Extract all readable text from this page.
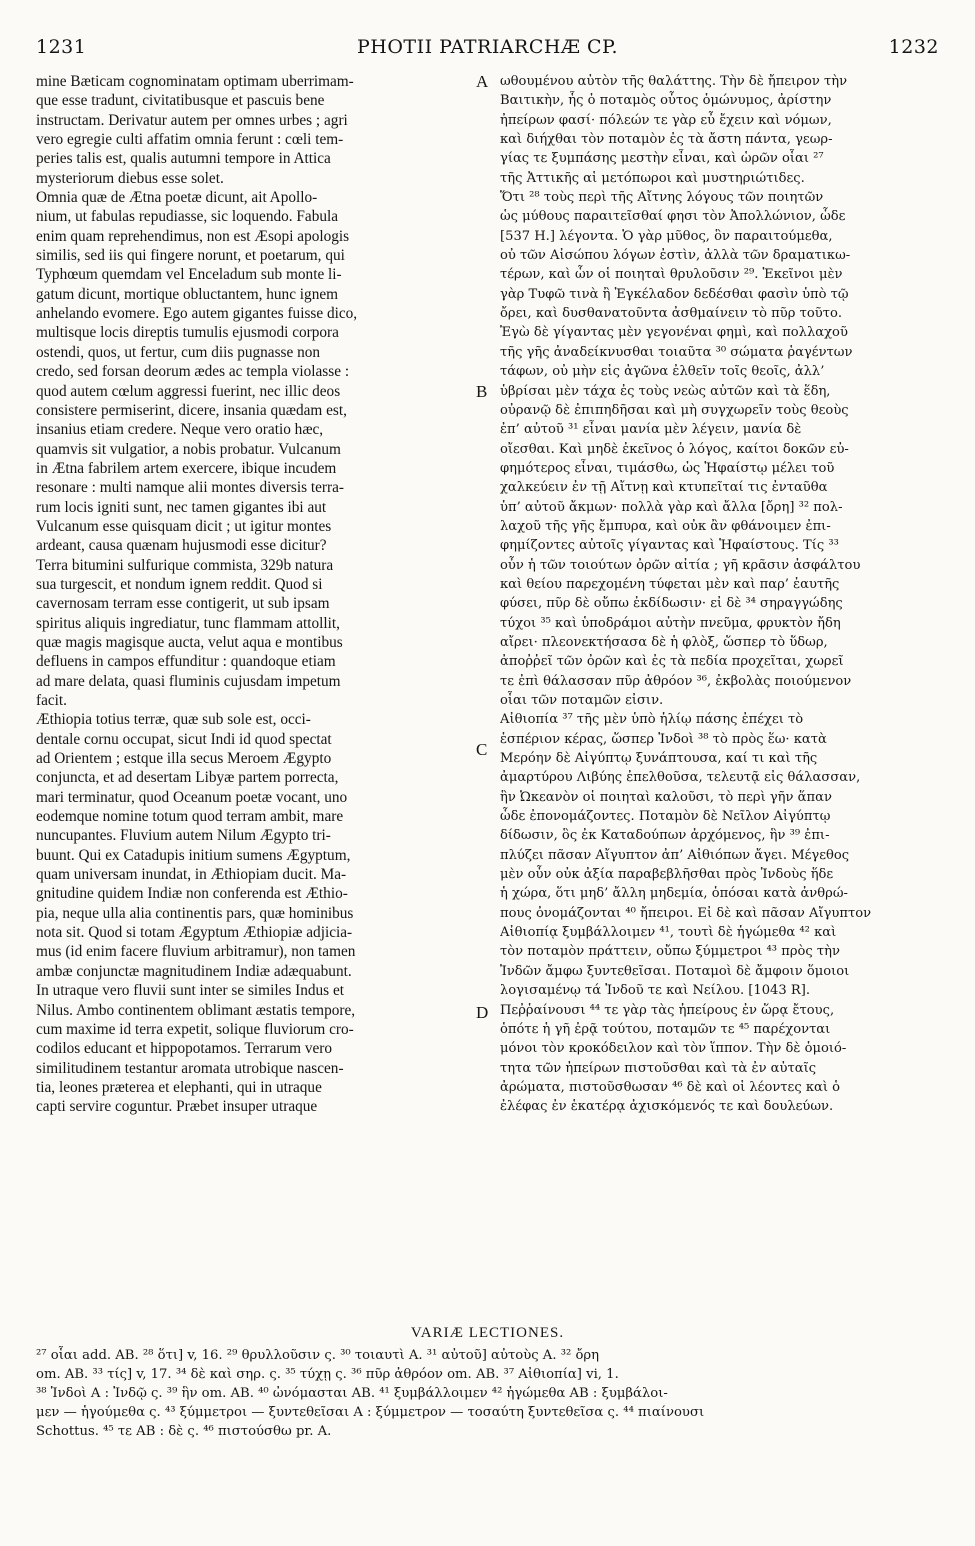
1231	PHOTII PATRIARCHÆ CP.	1232
mine Bæticam cognominatam optimam uberrimam-
que esse tradunt, civitatibusque et pascuis bene
instructam. Derivatur autem per omnes urbes ; agri
vero egregie culti affatim omnia ferunt : cœli tem-
peries talis est, qualis autumni tempore in Attica
mysteriorum diebus esse solet.
Omnia quæ de Ætna poetæ dicunt, ait Apollo-
nium, ut fabulas repudiasse, sic loquendo. Fabula
enim quam reprehendimus, non est Æsopi apologis
similis, sed iis qui fingere norunt, et poetarum, qui
Typhœum quemdam vel Enceladum sub monte li-
gatum dicunt, mortique obluctantem, hunc ignem
anhelando evomere. Ego autem gigantes fuisse dico,
multisque locis direptis tumulis ejusmodi corpora
ostendi, quos, ut fertur, cum diis pugnasse non
credo, sed forsan deorum ædes ac templa violasse :
quod autem cœlum aggressi fuerint, nec illic deos
consistere permiserint, dicere, insania quædam est,
insanius etiam credere. Neque vero oratio hæc,
quamvis sit vulgatior, a nobis probatur. Vulcanum
in Ætna fabrilem artem exercere, ibique incudem
resonare : multi namque alii montes diversis terra-
rum locis igniti sunt, nec tamen gigantes ibi aut
Vulcanum esse quisquam dicit ; ut igitur montes
ardeant, causa quænam hujusmodi esse dicitur?
Terra bitumini sulfurique commista, 329b natura
sua turgescit, et nondum ignem reddit. Quod si
cavernosam terram esse contigerit, ut sub ipsam
spiritus aliquis ingrediatur, tunc flammam attollit,
quæ magis magisque aucta, velut aqua e montibus
defluens in campos effunditur : quandoque etiam
ad mare delata, quasi fluminis cujusdam impetum
facit.
Æthiopia totius terræ, quæ sub sole est, occi-
dentale cornu occupat, sicut Indi id quod spectat
ad Orientem ; estque illa secus Meroem Ægypto
conjuncta, et ad desertam Libyæ partem porrecta,
mari terminatur, quod Oceanum poetæ vocant, uno
eodemque nomine totum quod terram ambit, mare
nuncupantes. Fluvium autem Nilum Ægypto tri-
buunt. Qui ex Catadupis initium sumens Ægyptum,
quam universam inundat, in Æthiopiam ducit. Ma-
gnitudine quidem Indiæ non conferenda est Æthio-
pia, neque ulla alia continentis pars, quæ hominibus
nota sit. Quod si totam Ægyptum Æthiopiæ adjicia-
mus (id enim facere fluvium arbitramur), non tamen
ambæ conjunctæ magnitudinem Indiæ adæquabunt.
In utraque vero fluvii sunt inter se similes Indus et
Nilus. Ambo continentem oblimant æstatis tempore,
cum maxime id terra expetit, solique fluviorum cro-
codilos educant et hippopotamos. Terrarum vero
similitudinem testantur aromata utrobique nascen-
tia, leones præterea et elephanti, qui in utraque
capti servire coguntur. Præbet insuper utraque
ωθουμένου αὐτὸν τῆς θαλάττης. Τὴν δὲ ἤπειρον τὴν
Βαιτικὴν, ἧς ὁ ποταμὸς οὗτος ὁμώνυμος, ἀρίστην
ἠπείρων φασί· πόλεών τε γὰρ εὖ ἔχειν καὶ νόμων,
καὶ διήχθαι τὸν ποταμὸν ἐς τὰ ἄστη πάντα, γεωρ-
γίας τε ξυμπάσης μεστὴν εἶναι, καὶ ὡρῶν οἷαι ²⁷
τῆς Ἀττικῆς αἱ μετόπωροι καὶ μυστηριώτιδες.
Ὅτι ²⁸ τοὺς περὶ τῆς Αἴτνης λόγους τῶν ποιητῶν
ὡς μύθους παραιτεῖσθαί φησι τὸν Ἀπολλώνιον, ὧδε
[537 H.] λέγοντα. Ὁ γὰρ μῦθος, ὃν παραιτούμεθα,
οὐ τῶν Αἰσώπου λόγων ἐστὶν, ἀλλὰ τῶν δραματικω-
τέρων, καὶ ὧν οἱ ποιηταὶ θρυλοῦσιν ²⁹. Ἐκεῖνοι μὲν
γὰρ Τυφῶ τινὰ ἢ Ἐγκέλαδον δεδέσθαι φασὶν ὑπὸ τῷ
ὄρει, καὶ δυσθανατοῦντα ἀσθμαίνειν τὸ πῦρ τοῦτο.
Ἐγὼ δὲ γίγαντας μὲν γεγονέναι φημὶ, καὶ πολλαχοῦ
τῆς γῆς ἀναδείκνυσθαι τοιαῦτα ³⁰ σώματα ῥαγέντων
τάφων, οὐ μὴν εἰς ἀγῶνα ἐλθεῖν τοῖς θεοῖς, ἀλλ’
ὑβρίσαι μὲν τάχα ἐς τοὺς νεὼς αὐτῶν καὶ τὰ ἕδη,
οὐρανῷ δὲ ἐπιπηδῆσαι καὶ μὴ συγχωρεῖν τοὺς θεοὺς
ἐπ’ αὐτοῦ ³¹ εἶναι μανία μὲν λέγειν, μανία δὲ
οἴεσθαι. Καὶ μηδὲ ἐκεῖνος ὁ λόγος, καίτοι δοκῶν εὐ-
φημότερος εἶναι, τιμάσθω, ὡς Ἡφαίστῳ μέλει τοῦ
χαλκεύειν ἐν τῇ Αἴτνῃ καὶ κτυπεῖταί τις ἐνταῦθα
ὑπ’ αὐτοῦ ἄκμων· πολλὰ γὰρ καὶ ἄλλα [ὄρη] ³² πολ-
λαχοῦ τῆς γῆς ἔμπυρα, καὶ οὐκ ἂν φθάνοιμεν ἐπι-
φημίζοντες αὐτοῖς γίγαντας καὶ Ἡφαίστους. Τίς ³³
οὖν ἡ τῶν τοιούτων ὀρῶν αἰτία ; γῆ κρᾶσιν ἀσφάλτου
καὶ θείου παρεχομένη τύφεται μὲν καὶ παρ’ ἑαυτῆς
φύσει, πῦρ δὲ οὔπω ἐκδίδωσιν· εἰ δὲ ³⁴ σηραγγώδης
τύχοι ³⁵ καὶ ὑποδράμοι αὐτὴν πνεῦμα, φρυκτὸν ἤδη
αἴρει· πλεονεκτήσασα δὲ ἡ φλὸξ, ὥσπερ τὸ ὕδωρ,
ἀποῤῥεῖ τῶν ὀρῶν καὶ ἐς τὰ πεδία προχεῖται, χωρεῖ
τε ἐπὶ θάλασσαν πῦρ ἀθρόον ³⁶, ἐκβολὰς ποιούμενον
οἷαι τῶν ποταμῶν εἰσιν.
Αἰθιοπία ³⁷ τῆς μὲν ὑπὸ ἡλίῳ πάσης ἐπέχει τὸ
ἑσπέριον κέρας, ὥσπερ Ἰνδοὶ ³⁸ τὸ πρὸς ἕω· κατὰ
Μερόην δὲ Αἰγύπτῳ ξυνάπτουσα, καί τι καὶ τῆς
ἀμαρτύρου Λιβύης ἐπελθοῦσα, τελευτᾷ εἰς θάλασσαν,
ἣν Ὠκεανὸν οἱ ποιηταὶ καλοῦσι, τὸ περὶ γῆν ἅπαν
ὧδε ἐπονομάζοντες. Ποταμὸν δὲ Νεῖλον Αἰγύπτῳ
δίδωσιν, ὃς ἐκ Καταδούπων ἀρχόμενος, ἣν ³⁹ ἐπι-
πλύζει πᾶσαν Αἴγυπτον ἀπ’ Αἰθιόπων ἄγει. Μέγεθος
μὲν οὖν οὐκ ἀξία παραβεβλῆσθαι πρὸς Ἰνδοὺς ἥδε
ἡ χώρα, ὅτι μηδ’ ἄλλη μηδεμία, ὁπόσαι κατὰ ἀνθρώ-
πους ὀνομάζονται ⁴⁰ ἤπειροι. Εἰ δὲ καὶ πᾶσαν Αἴγυπτον
Αἰθιοπίᾳ ξυμβάλλοιμεν ⁴¹, τουτὶ δὲ ἡγώμεθα ⁴² καὶ
τὸν ποταμὸν πράττειν, οὔπω ξύμμετροι ⁴³ πρὸς τὴν
Ἰνδῶν ἄμφω ξυντεθεῖσαι. Ποταμοὶ δὲ ἄμφοιν ὅμοιοι
λογισαμένῳ τά Ἰνδοῦ τε καὶ Νείλου. [1043 R].
Πεῤῥαίνουσι ⁴⁴ τε γὰρ τὰς ἠπείρους ἐν ὥρᾳ ἔτους,
ὁπότε ἡ γῆ ἐρᾷ τούτου, ποταμῶν τε ⁴⁵ παρέχονται
μόνοι τὸν κροκόδειλον καὶ τὸν ἵππον. Τὴν δὲ ὁμοιό-
τητα τῶν ἠπείρων πιστοῦσθαι καὶ τὰ ἐν αὐταῖς
ἀρώματα, πιστοῦσθωσαν ⁴⁶ δὲ καὶ οἱ λέοντες καὶ ὁ
ἐλέφας ἐν ἑκατέρᾳ ἀχισκόμενός τε καὶ δουλεύων.
A
B
C
D
VARIÆ LECTIONES.
²⁷ οἷαι add. AB. ²⁸ ὅτι] v, 16. ²⁹ θρυλλοῦσιν ς. ³⁰ τοιαυτὶ A. ³¹ αὐτοῦ] αὐτοὺς A. ³² ὄρη
om. AB. ³³ τίς] v, 17. ³⁴ δὲ καὶ σηρ. ς. ³⁵ τύχῃ ς. ³⁶ πῦρ ἀθρόον om. AB. ³⁷ Αἰθιοπία] vi, 1.
³⁸ Ἰνδοὶ A : Ἰνδῷ ς. ³⁹ ἣν om. AB. ⁴⁰ ὠνόμασται AB. ⁴¹ ξυμβάλλοιμεν ⁴² ἡγώμεθα AB : ξυμβάλοι-
μεν — ἡγούμεθα ς. ⁴³ ξύμμετροι — ξυντεθεῖσαι A : ξύμμετρον — τοσαύτη ξυντεθεῖσα ς. ⁴⁴ πιαίνουσι
Schottus. ⁴⁵ τε AB : δὲ ς. ⁴⁶ πιστούσθω pr. A.
